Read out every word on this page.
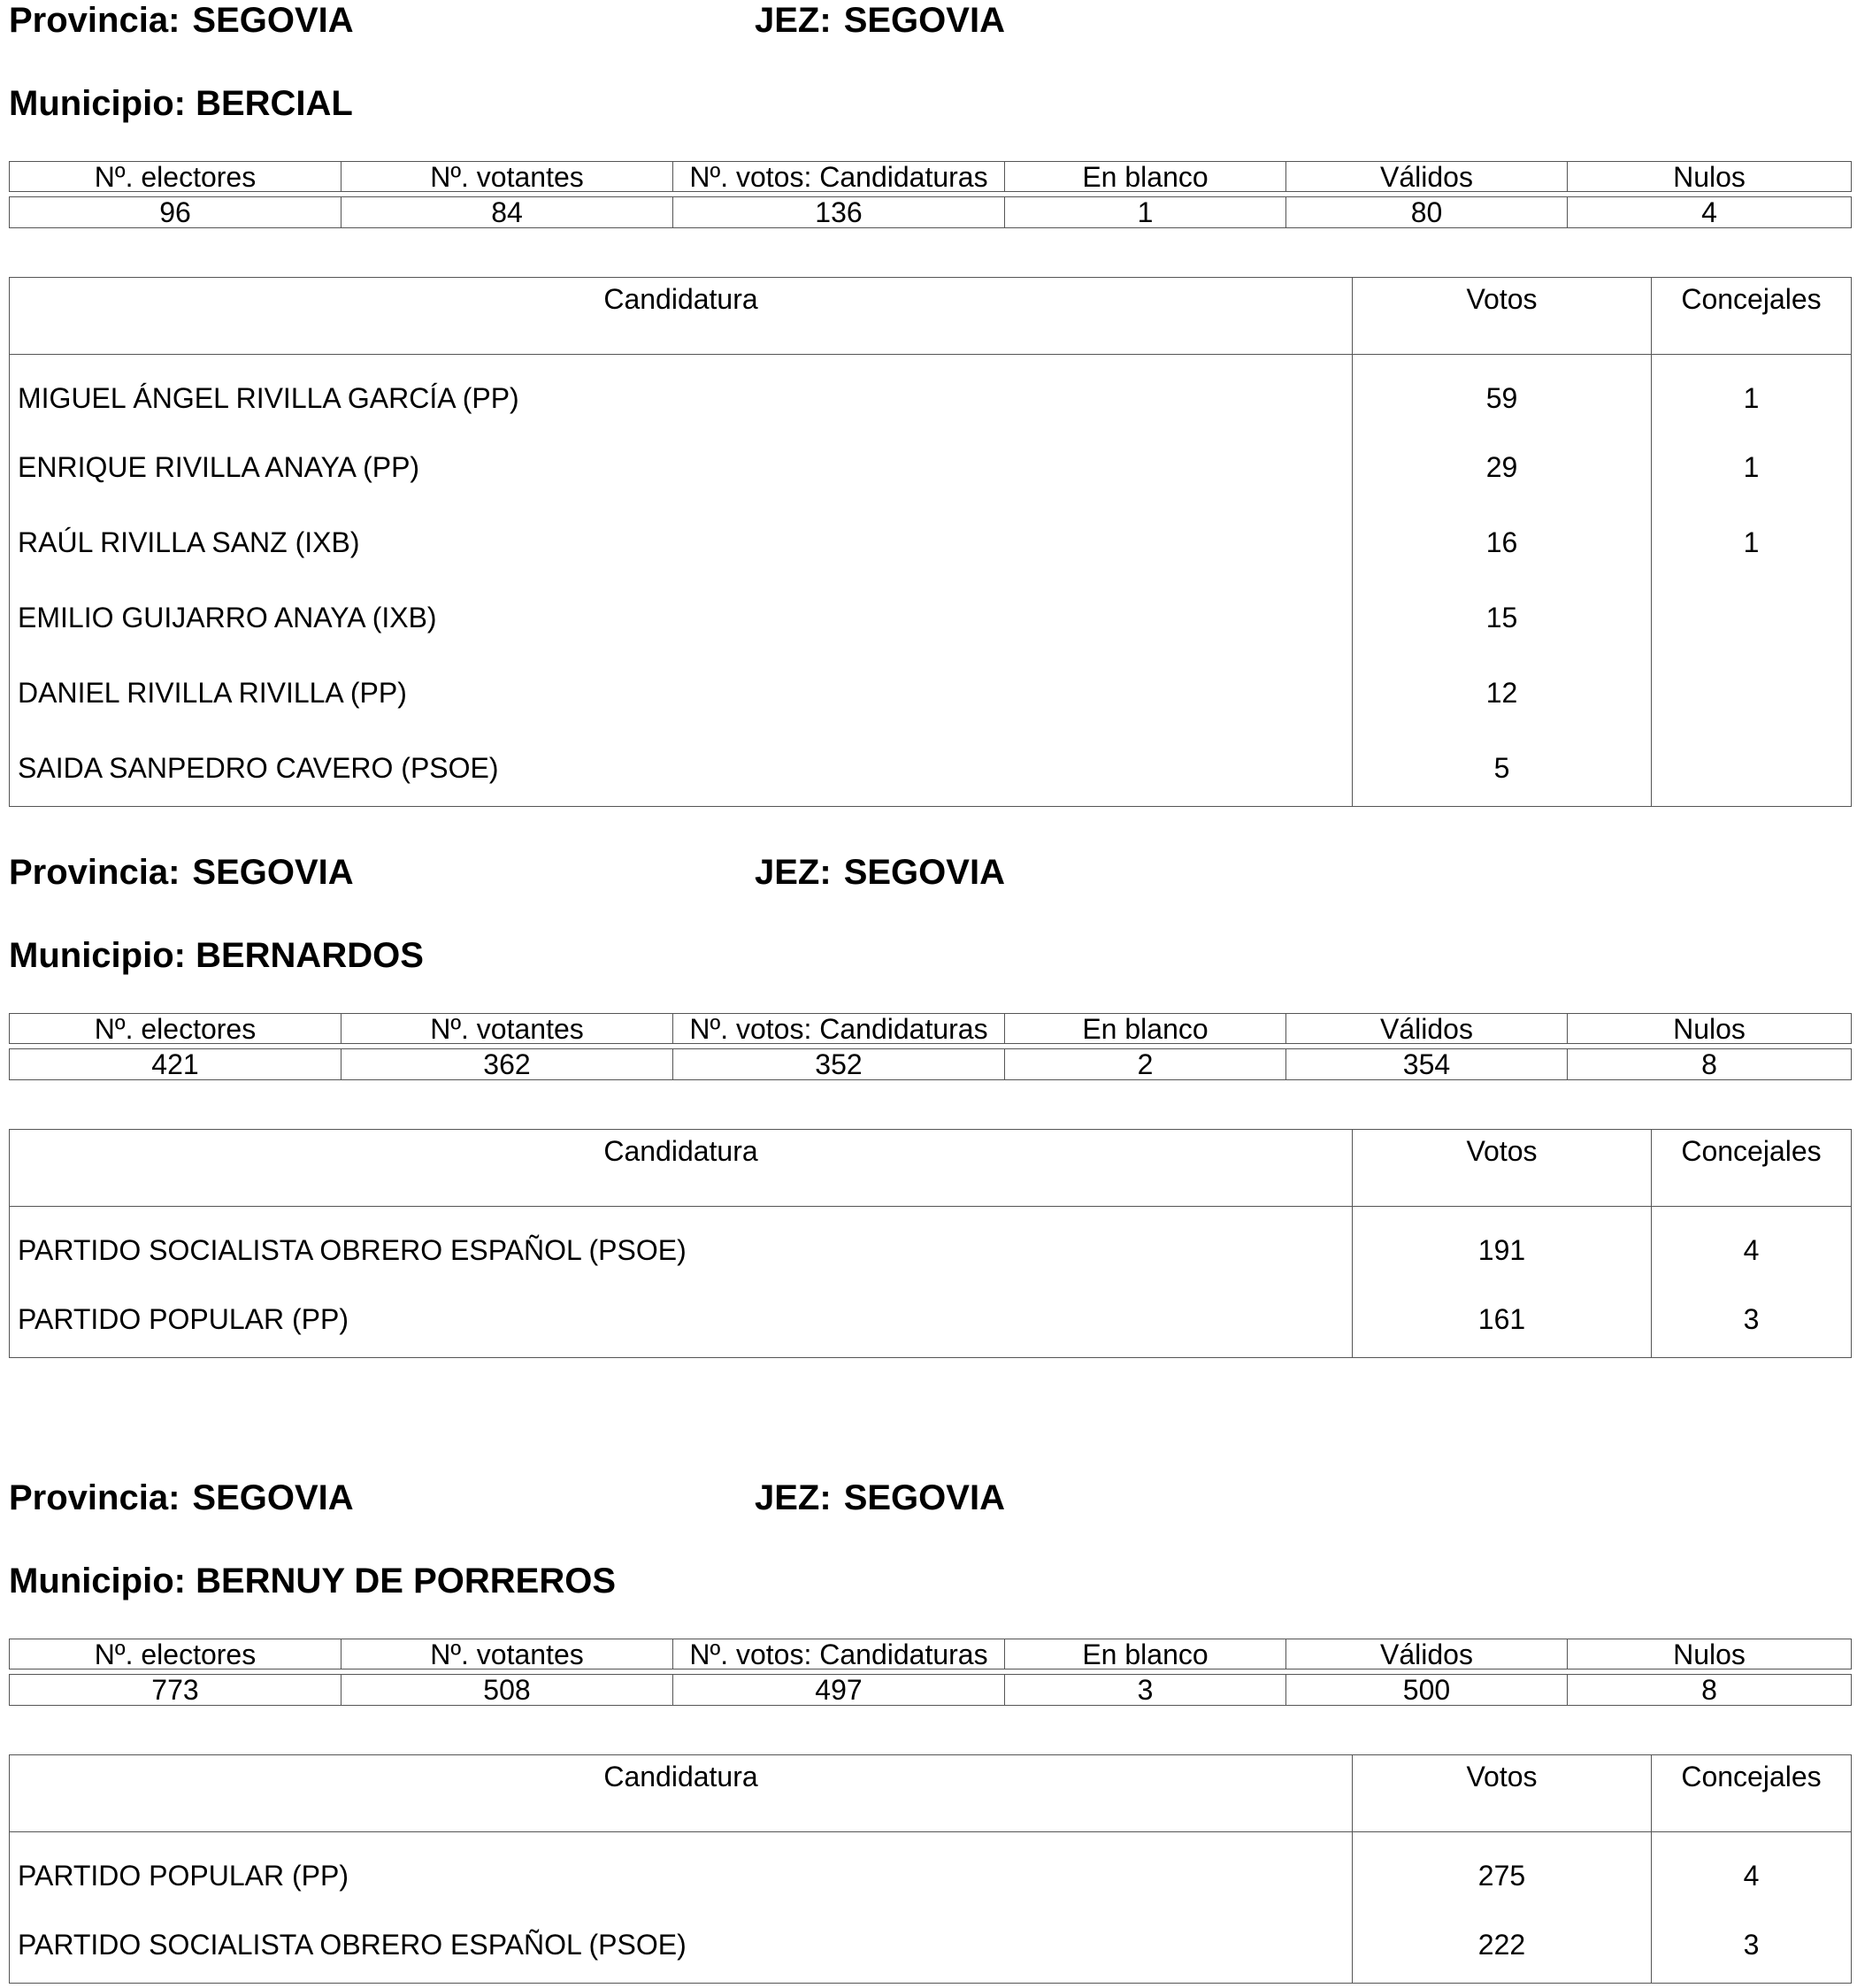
Provincia: SEGOVIA	JEZ: SEGOVIA
Municipio: BERCIAL
Nº. electores	Nº. votantes	Nº. votos: Candidaturas	En blanco	Válidos	Nulos

96	84	136	1	80	4
Candidatura	Votos	Concejales
MIGUEL ÁNGEL RIVILLA GARCÍA (PP)	59	1
ENRIQUE RIVILLA ANAYA (PP)	29	1
RAÚL RIVILLA SANZ (IXB)	16	1
EMILIO GUIJARRO ANAYA (IXB)	15	
DANIEL RIVILLA RIVILLA (PP)	12	
SAIDA SANPEDRO CAVERO (PSOE)	5	
Provincia: SEGOVIA	JEZ: SEGOVIA
Municipio: BERNARDOS
Nº. electores	Nº. votantes	Nº. votos: Candidaturas	En blanco	Válidos	Nulos

421	362	352	2	354	8
Candidatura	Votos	Concejales
PARTIDO SOCIALISTA OBRERO ESPAÑOL (PSOE)	191	4
PARTIDO POPULAR (PP)	161	3
Provincia: SEGOVIA	JEZ: SEGOVIA
Municipio: BERNUY DE PORREROS
Nº. electores	Nº. votantes	Nº. votos: Candidaturas	En blanco	Válidos	Nulos

773	508	497	3	500	8
Candidatura	Votos	Concejales
PARTIDO POPULAR (PP)	275	4
PARTIDO SOCIALISTA OBRERO ESPAÑOL (PSOE)	222	3
